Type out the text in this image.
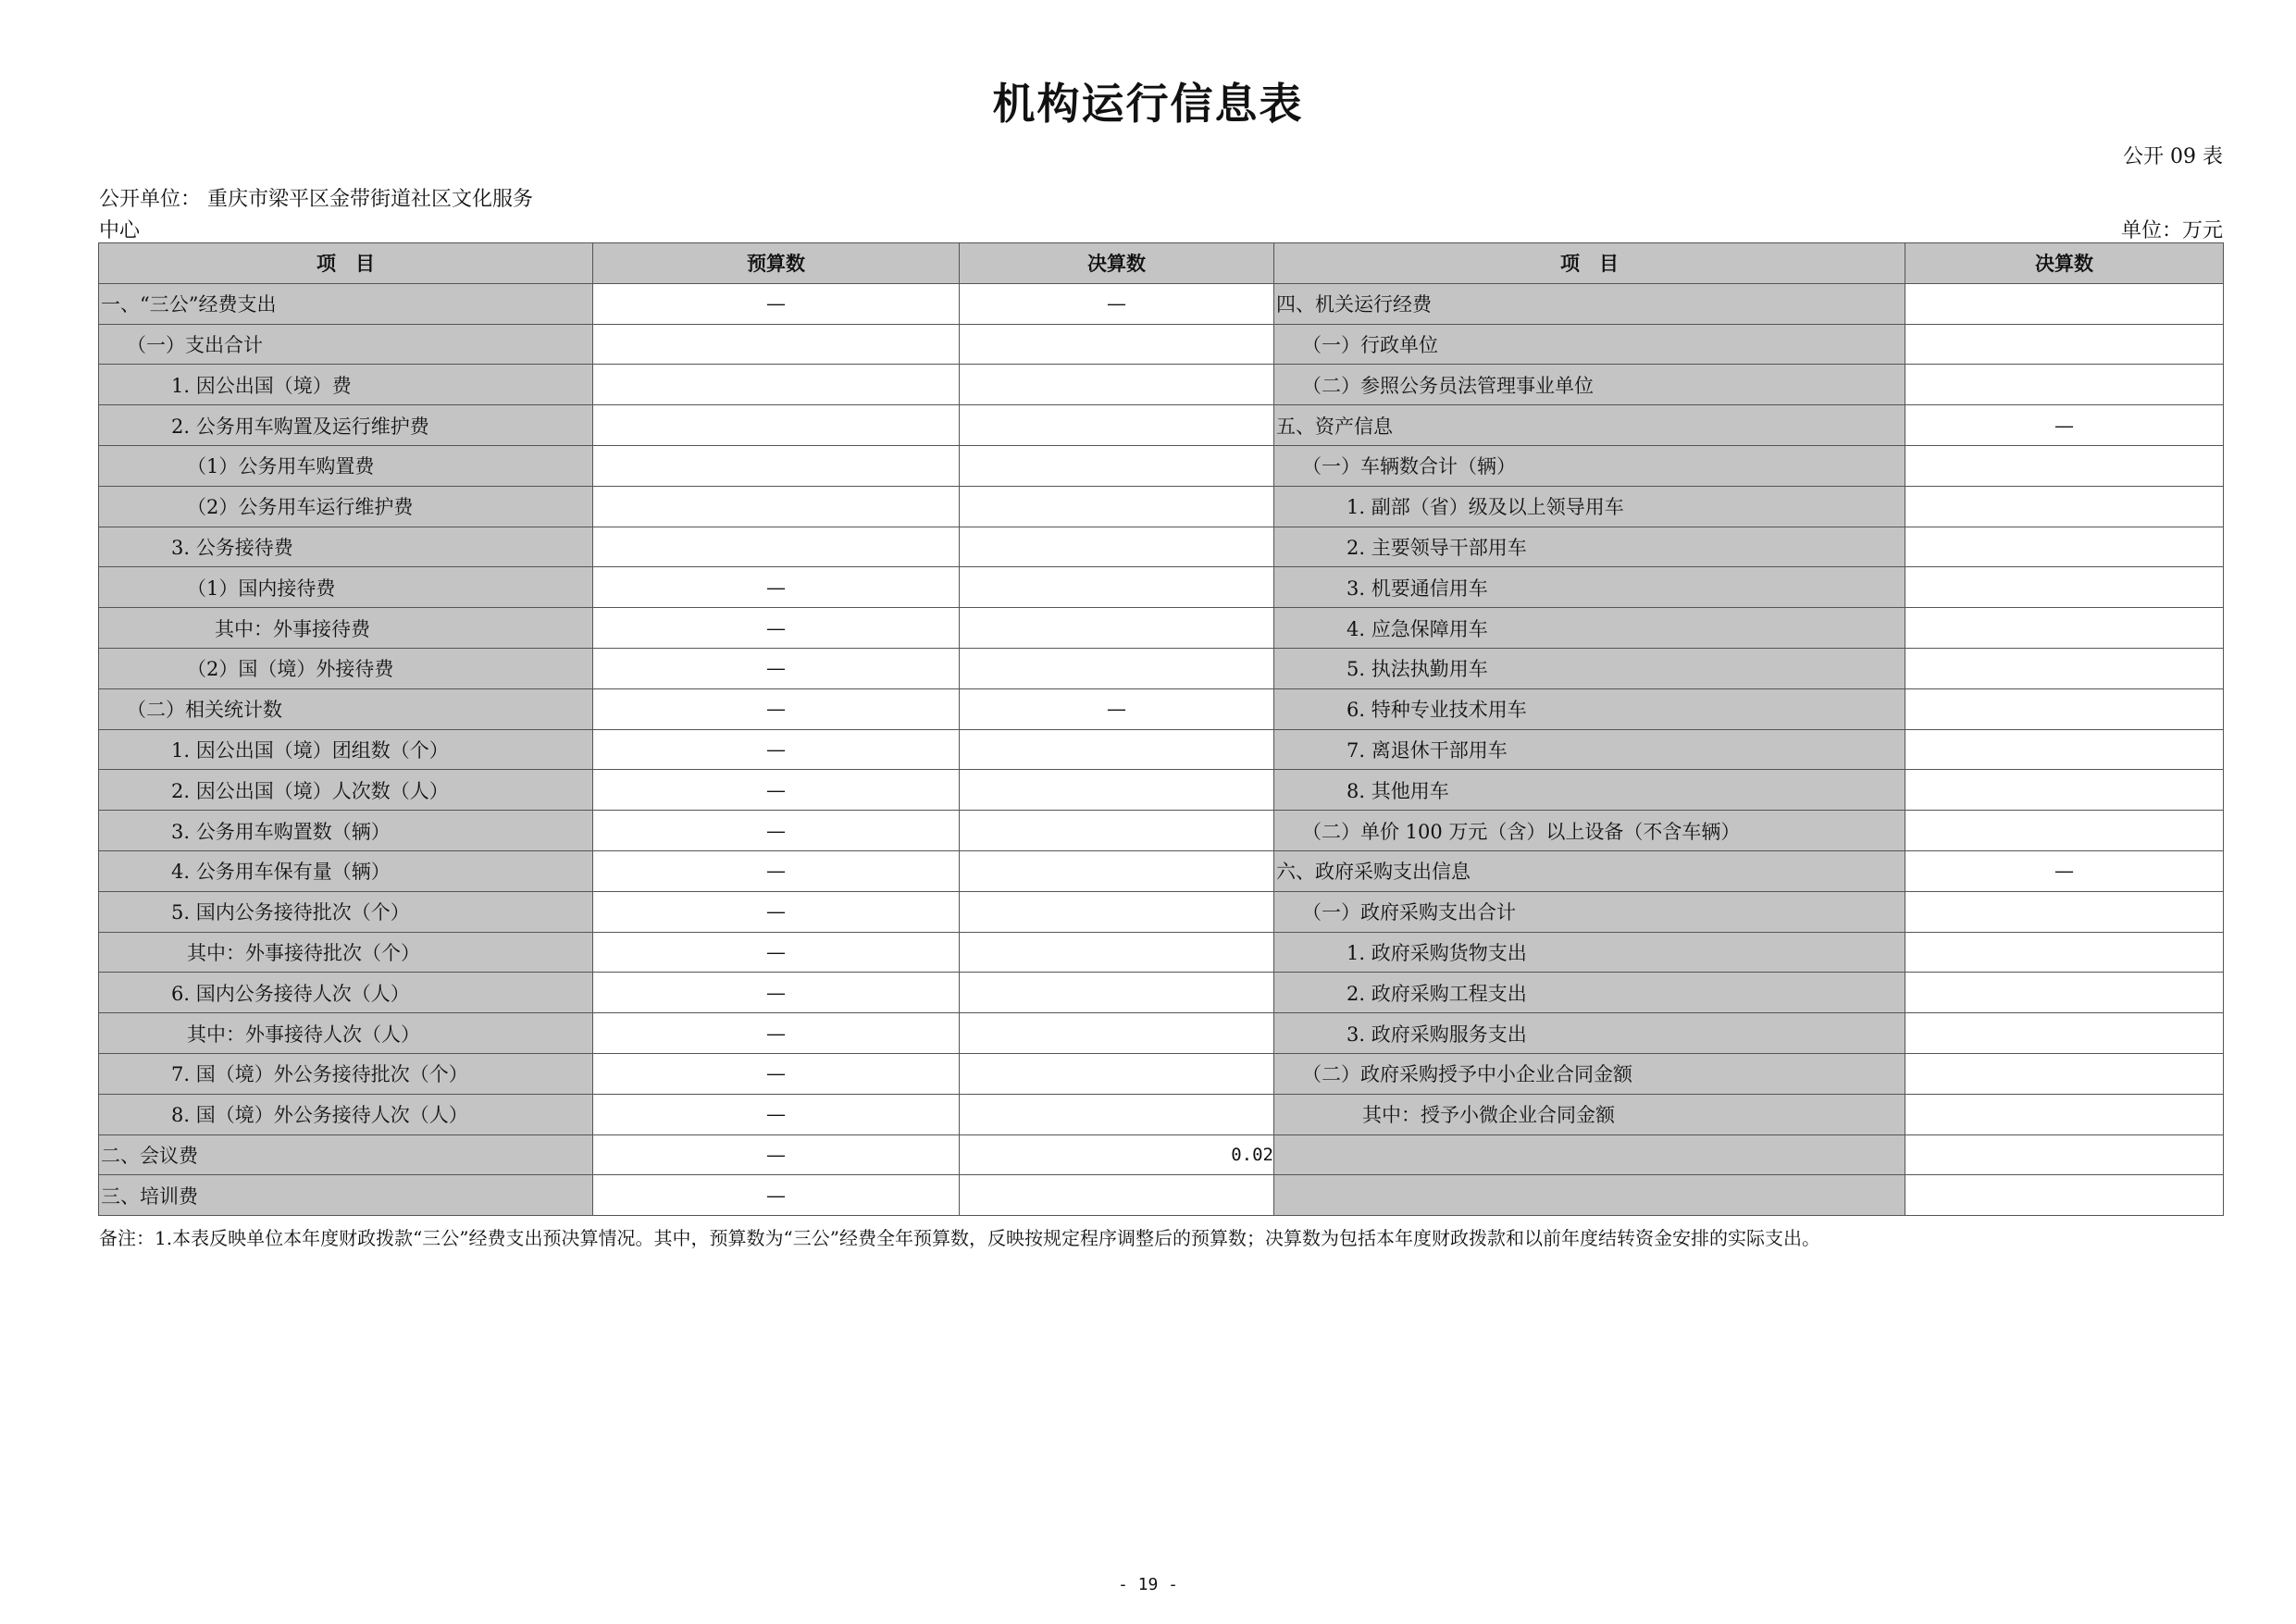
机构运行信息表
公开 09 表
公开单位： 重庆市梁平区金带街道社区文化服务
中心	单位：万元
项　目	预算数	决算数	项　目	决算数
一、“三公”经费支出	—	—	四、机关运行经费	
（一）支出合计			（一）行政单位	
1. 因公出国（境）费			（二）参照公务员法管理事业单位	
2. 公务用车购置及运行维护费			五、资产信息	—
（1）公务用车购置费			（一）车辆数合计（辆）	
（2）公务用车运行维护费			1. 副部（省）级及以上领导用车	
3. 公务接待费			2. 主要领导干部用车	
（1）国内接待费	—		3. 机要通信用车	
其中：外事接待费	—		4. 应急保障用车	
（2）国（境）外接待费	—		5. 执法执勤用车	
（二）相关统计数	—	—	6. 特种专业技术用车	
1. 因公出国（境）团组数（个）	—		7. 离退休干部用车	
2. 因公出国（境）人次数（人）	—		8. 其他用车	
3. 公务用车购置数（辆）	—		（二）单价 100 万元（含）以上设备（不含车辆）	
4. 公务用车保有量（辆）	—		六、政府采购支出信息	—
5. 国内公务接待批次（个）	—		（一）政府采购支出合计	
其中：外事接待批次（个）	—		1. 政府采购货物支出	
6. 国内公务接待人次（人）	—		2. 政府采购工程支出	
其中：外事接待人次（人）	—		3. 政府采购服务支出	
7. 国（境）外公务接待批次（个）	—		（二）政府采购授予中小企业合同金额	
8. 国（境）外公务接待人次（人）	—		其中：授予小微企业合同金额	
二、会议费	—	0.02		
三、培训费	—			
备注：1.本表反映单位本年度财政拨款“三公”经费支出预决算情况。其中，预算数为“三公”经费全年预算数，反映按规定程序调整后的预算数；决算数为包括本年度财政拨款和以前年度结转资金安排的实际支出。
- 19 -
